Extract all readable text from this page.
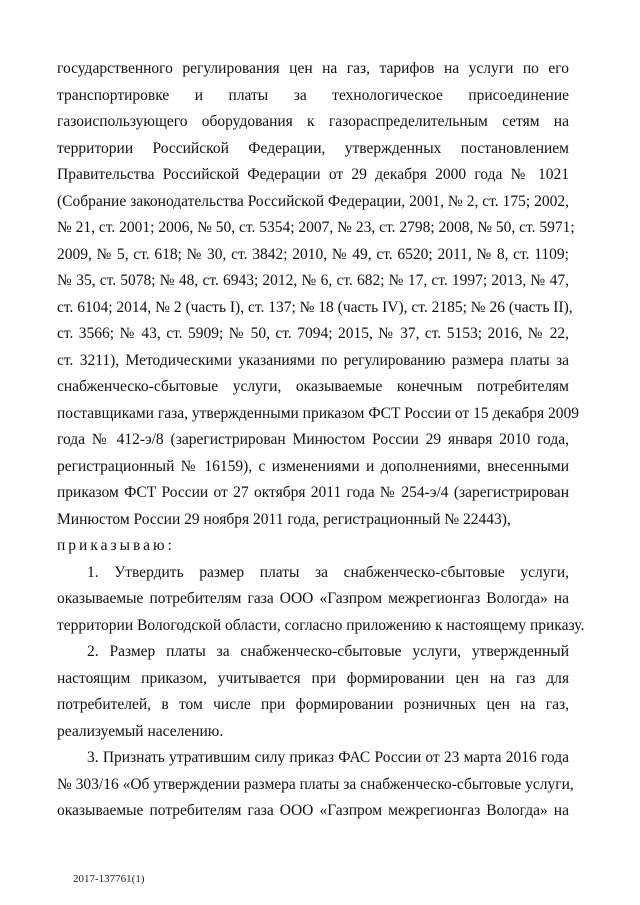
государственного регулирования цен на газ, тарифов на услуги по его
транспортировке и платы за технологическое присоединение
газоиспользующего оборудования к газораспределительным сетям на
территории Российской Федерации, утвержденных постановлением
Правительства Российской Федерации от 29 декабря 2000 года № 1021
(Собрание законодательства Российской Федерации, 2001, № 2, ст. 175; 2002,
№ 21, ст. 2001; 2006, № 50, ст. 5354; 2007, № 23, ст. 2798; 2008, № 50, ст. 5971;
2009, № 5, ст. 618; № 30, ст. 3842; 2010, № 49, ст. 6520; 2011, № 8, ст. 1109;
№ 35, ст. 5078; № 48, ст. 6943; 2012, № 6, ст. 682; № 17, ст. 1997; 2013, № 47,
ст. 6104; 2014, № 2 (часть I), ст. 137; № 18 (часть IV), ст. 2185; № 26 (часть II),
ст. 3566; № 43, ст. 5909; № 50, ст. 7094; 2015, № 37, ст. 5153; 2016, № 22,
ст. 3211), Методическими указаниями по регулированию размера платы за
снабженческо-сбытовые услуги, оказываемые конечным потребителям
поставщиками газа, утвержденными приказом ФСТ России от 15 декабря 2009
года № 412-э/8 (зарегистрирован Минюстом России 29 января 2010 года,
регистрационный № 16159), с изменениями и дополнениями, внесенными
приказом ФСТ России от 27 октября 2011 года № 254-э/4 (зарегистрирован
Минюстом России 29 ноября 2011 года, регистрационный № 22443),
приказываю:
1. Утвердить размер платы за снабженческо-сбытовые услуги,
оказываемые потребителям газа ООО «Газпром межрегионгаз Вологда» на
территории Вологодской области, согласно приложению к настоящему приказу.
2. Размер платы за снабженческо-сбытовые услуги, утвержденный
настоящим приказом, учитывается при формировании цен на газ для
потребителей, в том числе при формировании розничных цен на газ,
реализуемый населению.
3. Признать утратившим силу приказ ФАС России от 23 марта 2016 года
№ 303/16 «Об утверждении размера платы за снабженческо-сбытовые услуги,
оказываемые потребителям газа ООО «Газпром межрегионгаз Вологда» на
2017-137761(1)
